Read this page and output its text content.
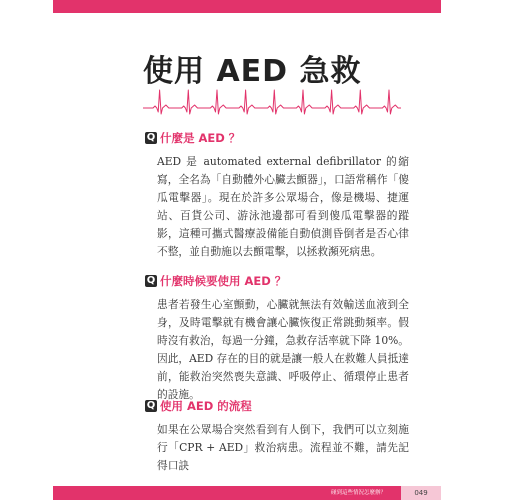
使用 AED 急救
Q 什麼是 AED ？

AED 是 automated external defibrillator 的縮寫，全名為「自動體外心臟去顫器」，口語常稱作「傻瓜電擊器」。現在於許多公眾場合，像是機場、捷運站、百貨公司、游泳池邊都可看到傻瓜電擊器的蹤影，這種可攜式醫療設備能自動偵測昏倒者是否心律不整，並自動施以去顫電擊，以拯救瀕死病患。

Q 什麼時候要使用 AED ？

患者若發生心室顫動，心臟就無法有效輸送血液到全身，及時電擊就有機會讓心臟恢復正常跳動頻率。假時沒有救治，每過一分鐘，急救存活率就下降 10%。因此，AED 存在的目的就是讓一般人在救難人員抵達前，能救治突然喪失意識、呼吸停止、循環停止患者的設施。

Q 使用 AED 的流程

如果在公眾場合突然看到有人倒下，我們可以立刻施行「CPR + AED」救治病患。流程並不難，請先記得口訣

碰到這些情況怎麼辦？	049
